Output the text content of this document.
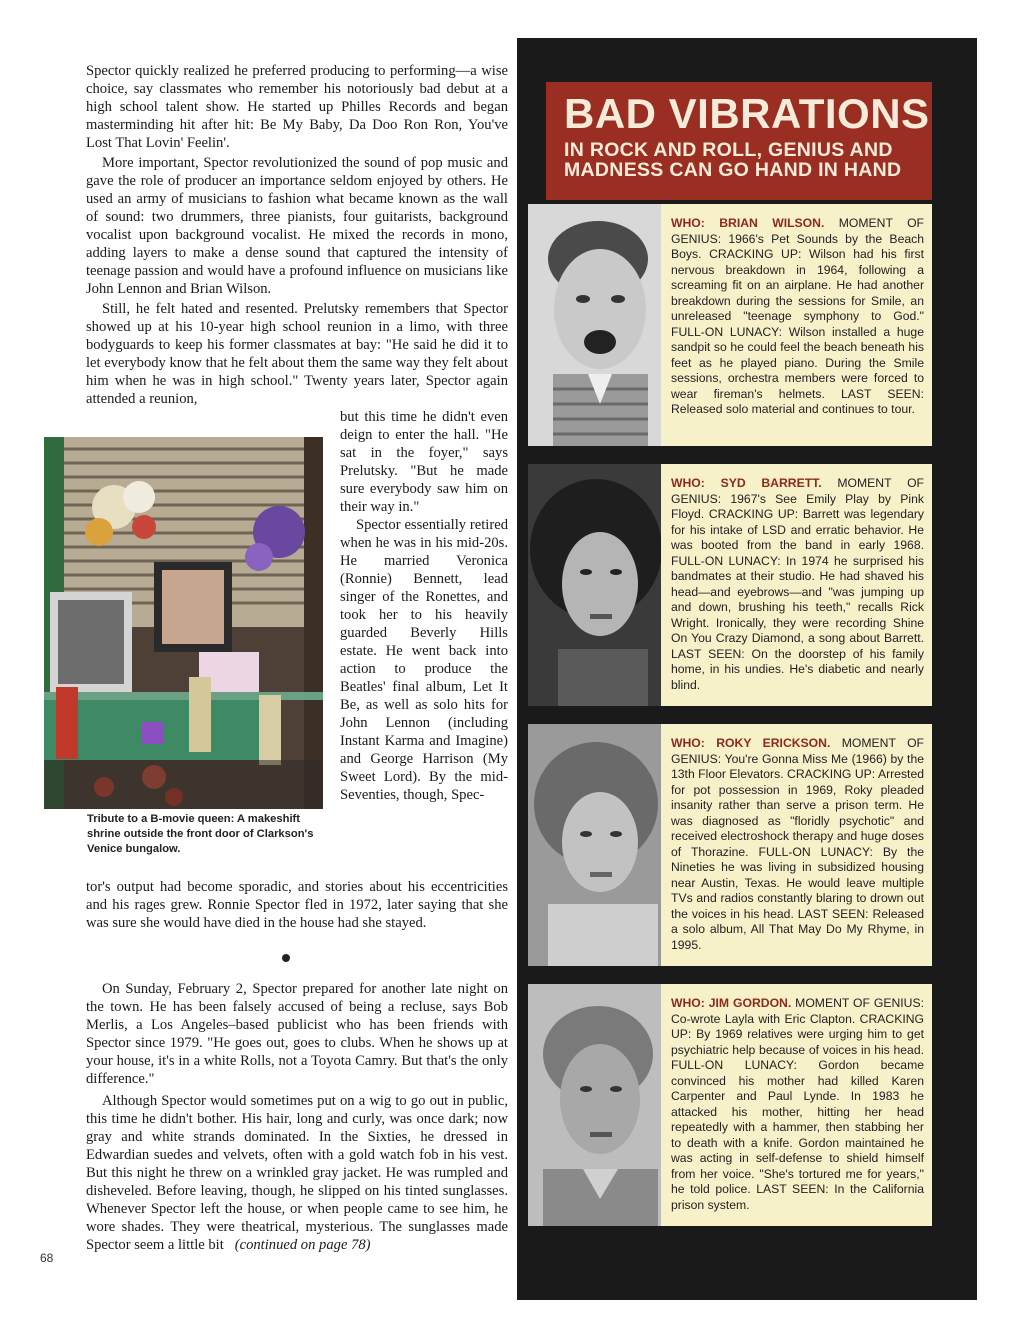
Spector quickly realized he preferred producing to performing—a wise choice, say classmates who remember his notoriously bad debut at a high school talent show. He started up Philles Records and began masterminding hit after hit: Be My Baby, Da Doo Ron Ron, You've Lost That Lovin' Feelin'.

More important, Spector revolutionized the sound of pop music and gave the role of producer an importance seldom enjoyed by others. He used an army of musicians to fashion what became known as the wall of sound: two drummers, three pianists, four guitarists, background vocalist upon background vocalist. He mixed the records in mono, adding layers to make a dense sound that captured the intensity of teenage passion and would have a profound influence on musicians like John Lennon and Brian Wilson.

Still, he felt hated and resented. Prelutsky remembers that Spector showed up at his 10-year high school reunion in a limo, with three bodyguards to keep his former classmates at bay: "He said he did it to let everybody know that he felt about them the same way they felt about him when he was in high school." Twenty years later, Spector again attended a reunion,

but this time he didn't even deign to enter the hall. "He sat in the foyer," says Prelutsky. "But he made sure everybody saw him on their way in."

Spector essentially retired when he was in his mid-20s. He married Veronica (Ronnie) Bennett, lead singer of the Ronettes, and took her to his heavily guarded Beverly Hills estate. He went back into action to produce the Beatles' final album, Let It Be, as well as solo hits for John Lennon (including Instant Karma and Imagine) and George Harrison (My Sweet Lord). By the mid-Seventies, though, Spec-

Tribute to a B-movie queen: A makeshift shrine outside the front door of Clarkson's Venice bungalow.

tor's output had become sporadic, and stories about his eccentricities and his rages grew. Ronnie Spector fled in 1972, later saying that she was sure she would have died in the house had she stayed.

On Sunday, February 2, Spector prepared for another late night on the town. He has been falsely accused of being a recluse, says Bob Merlis, a Los Angeles–based publicist who has been friends with Spector since 1979. "He goes out, goes to clubs. When he shows up at your house, it's in a white Rolls, not a Toyota Camry. But that's the only difference."

Although Spector would sometimes put on a wig to go out in public, this time he didn't bother. His hair, long and curly, was once dark; now gray and white strands dominated. In the Sixties, he dressed in Edwardian suedes and velvets, often with a gold watch fob in his vest. But this night he threw on a wrinkled gray jacket. He was rumpled and disheveled. Before leaving, though, he slipped on his tinted sunglasses. Whenever Spector left the house, or when people came to see him, he wore shades. They were theatrical, mysterious. The sunglasses made Spector seem a little bit (continued on page 78)

68
BAD VIBRATIONS
IN ROCK AND ROLL, GENIUS AND MADNESS CAN GO HAND IN HAND
WHO: BRIAN WILSON. MOMENT OF GENIUS: 1966's Pet Sounds by the Beach Boys. CRACKING UP: Wilson had his first nervous breakdown in 1964, following a screaming fit on an airplane. He had another breakdown during the sessions for Smile, an unreleased "teenage symphony to God." FULL-ON LUNACY: Wilson installed a huge sandpit so he could feel the beach beneath his feet as he played piano. During the Smile sessions, orchestra members were forced to wear fireman's helmets. LAST SEEN: Released solo material and continues to tour.
WHO: SYD BARRETT. MOMENT OF GENIUS: 1967's See Emily Play by Pink Floyd. CRACKING UP: Barrett was legendary for his intake of LSD and erratic behavior. He was booted from the band in early 1968. FULL-ON LUNACY: In 1974 he surprised his bandmates at their studio. He had shaved his head—and eyebrows—and "was jumping up and down, brushing his teeth," recalls Rick Wright. Ironically, they were recording Shine On You Crazy Diamond, a song about Barrett. LAST SEEN: On the doorstep of his family home, in his undies. He's diabetic and nearly blind.
WHO: ROKY ERICKSON. MOMENT OF GENIUS: You're Gonna Miss Me (1966) by the 13th Floor Elevators. CRACKING UP: Arrested for pot possession in 1969, Roky pleaded insanity rather than serve a prison term. He was diagnosed as "floridly psychotic" and received electroshock therapy and huge doses of Thorazine. FULL-ON LUNACY: By the Nineties he was living in subsidized housing near Austin, Texas. He would leave multiple TVs and radios constantly blaring to drown out the voices in his head. LAST SEEN: Released a solo album, All That May Do My Rhyme, in 1995.
WHO: JIM GORDON. MOMENT OF GENIUS: Co-wrote Layla with Eric Clapton. CRACKING UP: By 1969 relatives were urging him to get psychiatric help because of voices in his head. FULL-ON LUNACY: Gordon became convinced his mother had killed Karen Carpenter and Paul Lynde. In 1983 he attacked his mother, hitting her head repeatedly with a hammer, then stabbing her to death with a knife. Gordon maintained he was acting in self-defense to shield himself from her voice. "She's tortured me for years," he told police. LAST SEEN: In the California prison system.
